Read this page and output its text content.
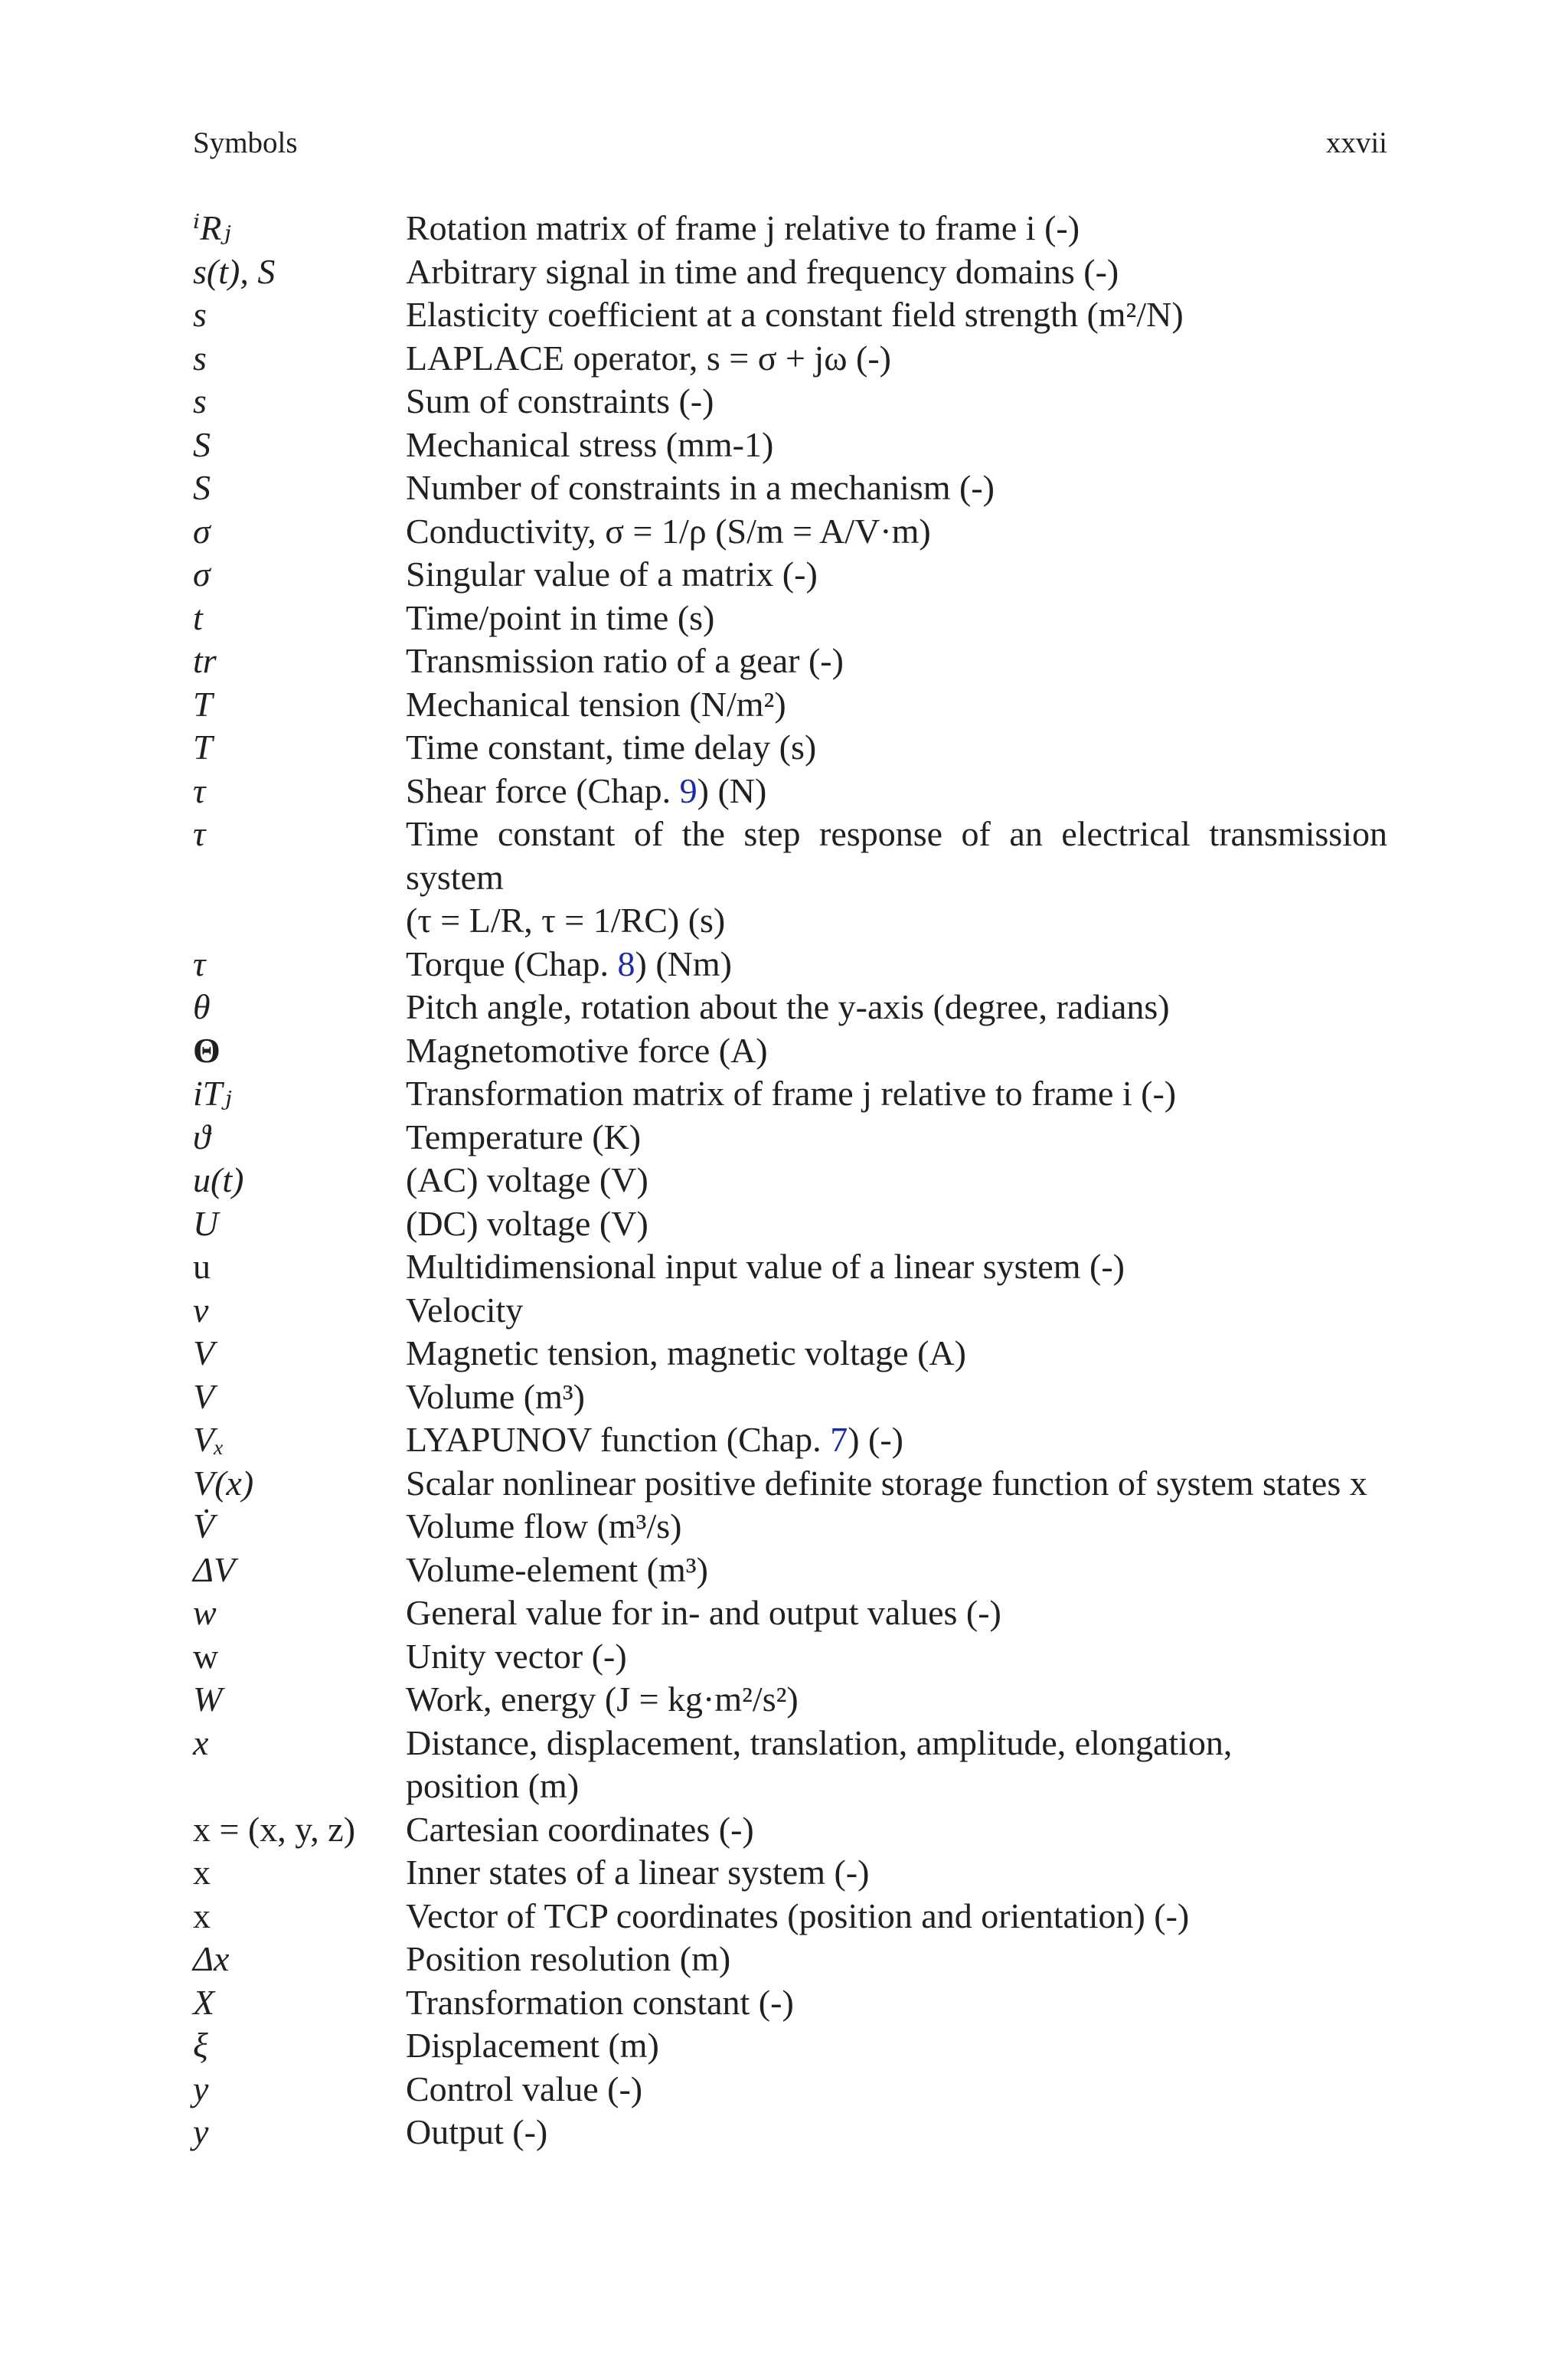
Symbols	xxvii
ⁱRⱼ	Rotation matrix of frame j relative to frame i (-)
s(t), S	Arbitrary signal in time and frequency domains (-)
s	Elasticity coefficient at a constant field strength (m²/N)
s	LAPLACE operator, s = σ + jω (-)
s	Sum of constraints (-)
S	Mechanical stress (mm-1)
S	Number of constraints in a mechanism (-)
σ	Conductivity, σ = 1/ρ (S/m = A/V·m)
σ	Singular value of a matrix (-)
t	Time/point in time (s)
tr	Transmission ratio of a gear (-)
T	Mechanical tension (N/m²)
T	Time constant, time delay (s)
τ	Shear force (Chap. 9) (N)
τ	Time constant of the step response of an electrical transmission system
(τ = L/R, τ = 1/RC) (s)
τ	Torque (Chap. 8) (Nm)
θ	Pitch angle, rotation about the y-axis (degree, radians)
Θ	Magnetomotive force (A)
iTⱼ	Transformation matrix of frame j relative to frame i (-)
ϑ	Temperature (K)
u(t)	(AC) voltage (V)
U	(DC) voltage (V)
u	Multidimensional input value of a linear system (-)
v	Velocity
V	Magnetic tension, magnetic voltage (A)
V	Volume (m³)
Vₓ	LYAPUNOV function (Chap. 7) (-)
V(x)	Scalar nonlinear positive definite storage function of system states x
V̇	Volume flow (m³/s)
ΔV	Volume-element (m³)
w	General value for in- and output values (-)
w	Unity vector (-)
W	Work, energy (J = kg·m²/s²)
x	Distance, displacement, translation, amplitude, elongation,
position (m)
x = (x, y, z)	Cartesian coordinates (-)
x	Inner states of a linear system (-)
x	Vector of TCP coordinates (position and orientation) (-)
Δx	Position resolution (m)
X	Transformation constant (-)
ξ	Displacement (m)
y	Control value (-)
y	Output (-)
